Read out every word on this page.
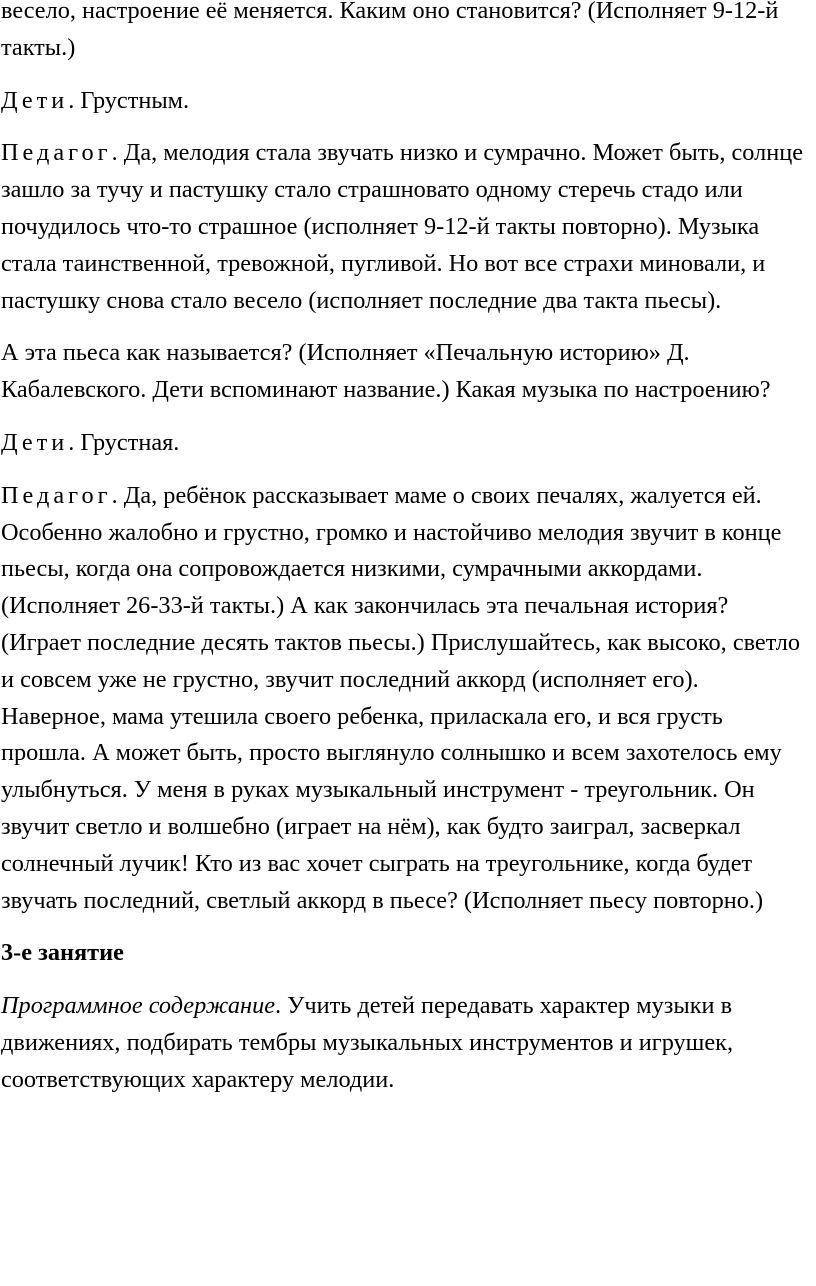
весело, настроение её меняется. Каким оно становится? (Исполняет 9-12-й такты.)

Дети. Грустным.

Педагог. Да, мелодия стала звучать низко и сумрачно. Может быть, солнце зашло за тучу и пастушку стало страшновато одному стеречь стадо или почудилось что-то страшное (исполняет 9-12-й такты повторно). Музыка стала таинственной, тревожной, пугливой. Но вот все страхи миновали, и пастушку снова стало весело (исполняет последние два такта пьесы).

А эта пьеса как называется? (Исполняет «Печальную историю» Д. Кабалевского. Дети вспоминают название.) Какая музыка по настроению?

Дети. Грустная.

Педагог. Да, ребёнок рассказывает маме о своих печалях, жалуется ей. Особенно жалобно и грустно, громко и настойчиво мелодия звучит в конце пьесы, когда она сопровождается низкими, сумрачными аккордами. (Исполняет 26-33-й такты.) А как закончилась эта печальная история? (Играет последние десять тактов пьесы.) Прислушайтесь, как высоко, светло и совсем уже не грустно, звучит последний аккорд (исполняет его). Наверное, мама утешила своего ребенка, приласкала его, и вся грусть прошла. А может быть, просто выглянуло солнышко и всем захотелось ему улыбнуться. У меня в руках музыкальный инструмент - треугольник. Он звучит светло и волшебно (играет на нём), как будто заиграл, засверкал солнечный лучик! Кто из вас хочет сыграть на треугольнике, когда будет звучать последний, светлый аккорд в пьесе? (Исполняет пьесу повторно.)

3-е занятие

Программное содержание. Учить детей передавать характер музыки в движениях, подбирать тембры музыкальных инструментов и игрушек, соответствующих характеру мелодии.
